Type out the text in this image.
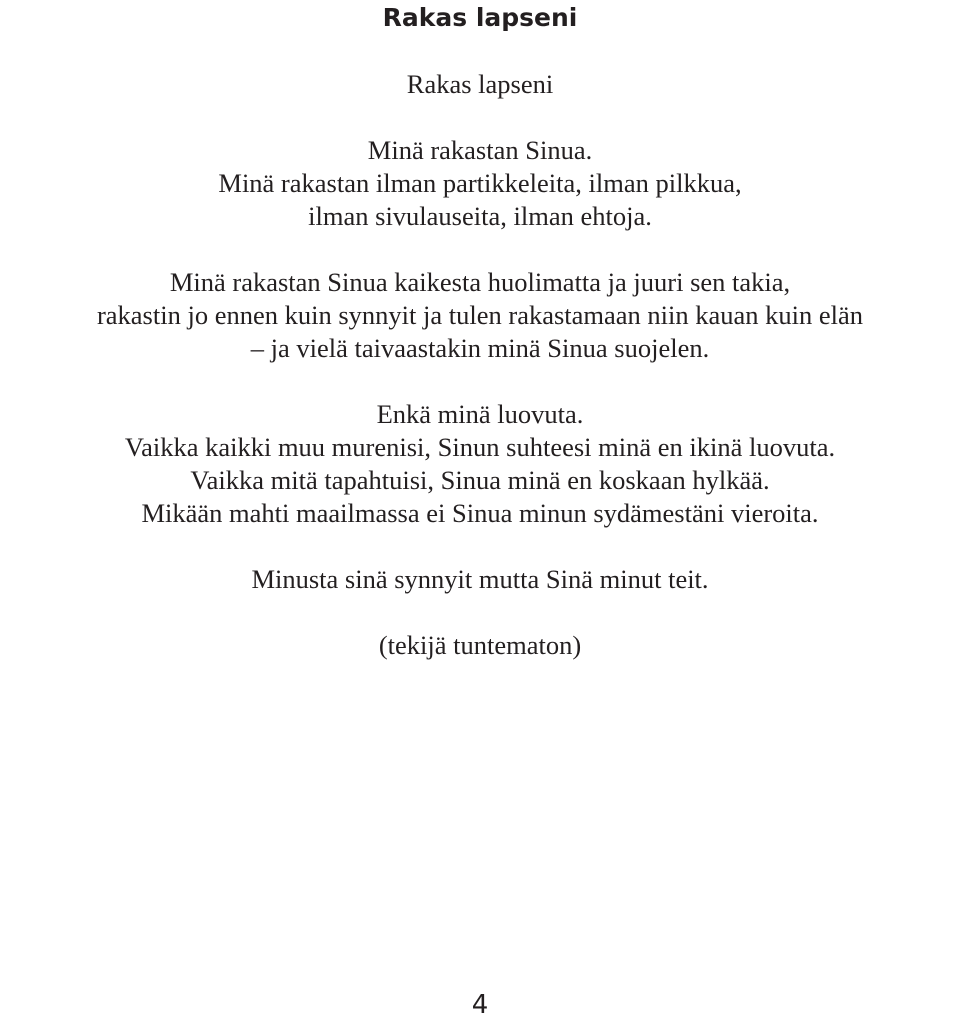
Rakas lapseni
Rakas lapseni
Minä rakastan Sinua.
Minä rakastan ilman partikkeleita, ilman pilkkua,
ilman sivulauseita, ilman ehtoja.
Minä rakastan Sinua kaikesta huolimatta ja juuri sen takia,
rakastin jo ennen kuin synnyit ja tulen rakastamaan niin kauan kuin elän
– ja vielä taivaastakin minä Sinua suojelen.
Enkä minä luovuta.
Vaikka kaikki muu murenisi, Sinun suhteesi minä en ikinä luovuta.
Vaikka mitä tapahtuisi, Sinua minä en koskaan hylkää.
Mikään mahti maailmassa ei Sinua minun sydämestäni vieroita.
Minusta sinä synnyit mutta Sinä minut teit.
(tekijä tuntematon)
4
